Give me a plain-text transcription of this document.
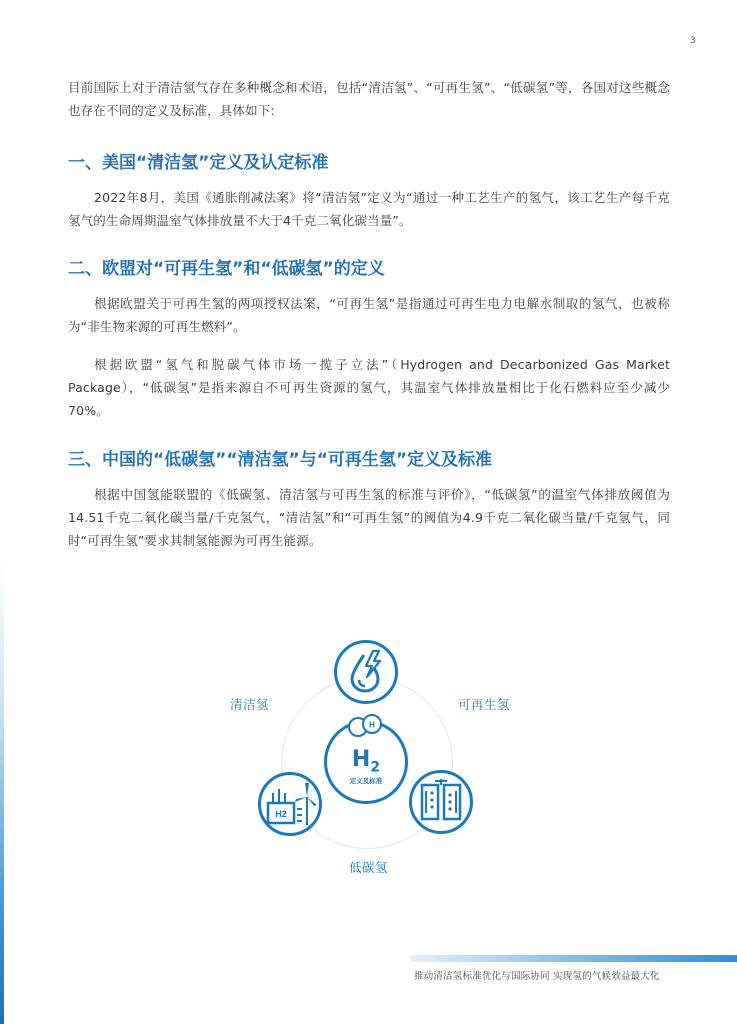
3

目前国际上对于清洁氢气存在多种概念和术语，包括“清洁氢”、“可再生氢”、“低碳氢”等，各国对这些概念也存在不同的定义及标准，具体如下:

一、美国“清洁氢”定义及认定标准

2022年8月，美国《通胀削减法案》将“清洁氢”定义为“通过一种工艺生产的氢气，该工艺生产每千克氢气的生命周期温室气体排放量不大于4千克二氧化碳当量”。

二、欧盟对“可再生氢”和“低碳氢”的定义

根据欧盟关于可再生氢的两项授权法案，“可再生氢”是指通过可再生电力电解水制取的氢气，也被称为“非生物来源的可再生燃料”。

根据欧盟“氢气和脱碳气体市场一揽子立法”（Hydrogen and Decarbonized Gas Market Package），“低碳氢”是指来源自不可再生资源的氢气，其温室气体排放量相比于化石燃料应至少减少70%。

三、中国的“低碳氢”“清洁氢”与“可再生氢”定义及标准

根据中国氢能联盟的《低碳氢、清洁氢与可再生氢的标准与评价》，“低碳氢”的温室气体排放阈值为14.51千克二氧化碳当量/千克氢气，“清洁氢”和“可再生氢”的阈值为4.9千克二氧化碳当量/千克氢气，同时“可再生氢”要求其制氢能源为可再生能源。

$H_2$
定义及标准
H
H2
清洁氢	可再生氢
低碳氢
推动清洁氢标准优化与国际协同 实现氢的气候效益最大化
